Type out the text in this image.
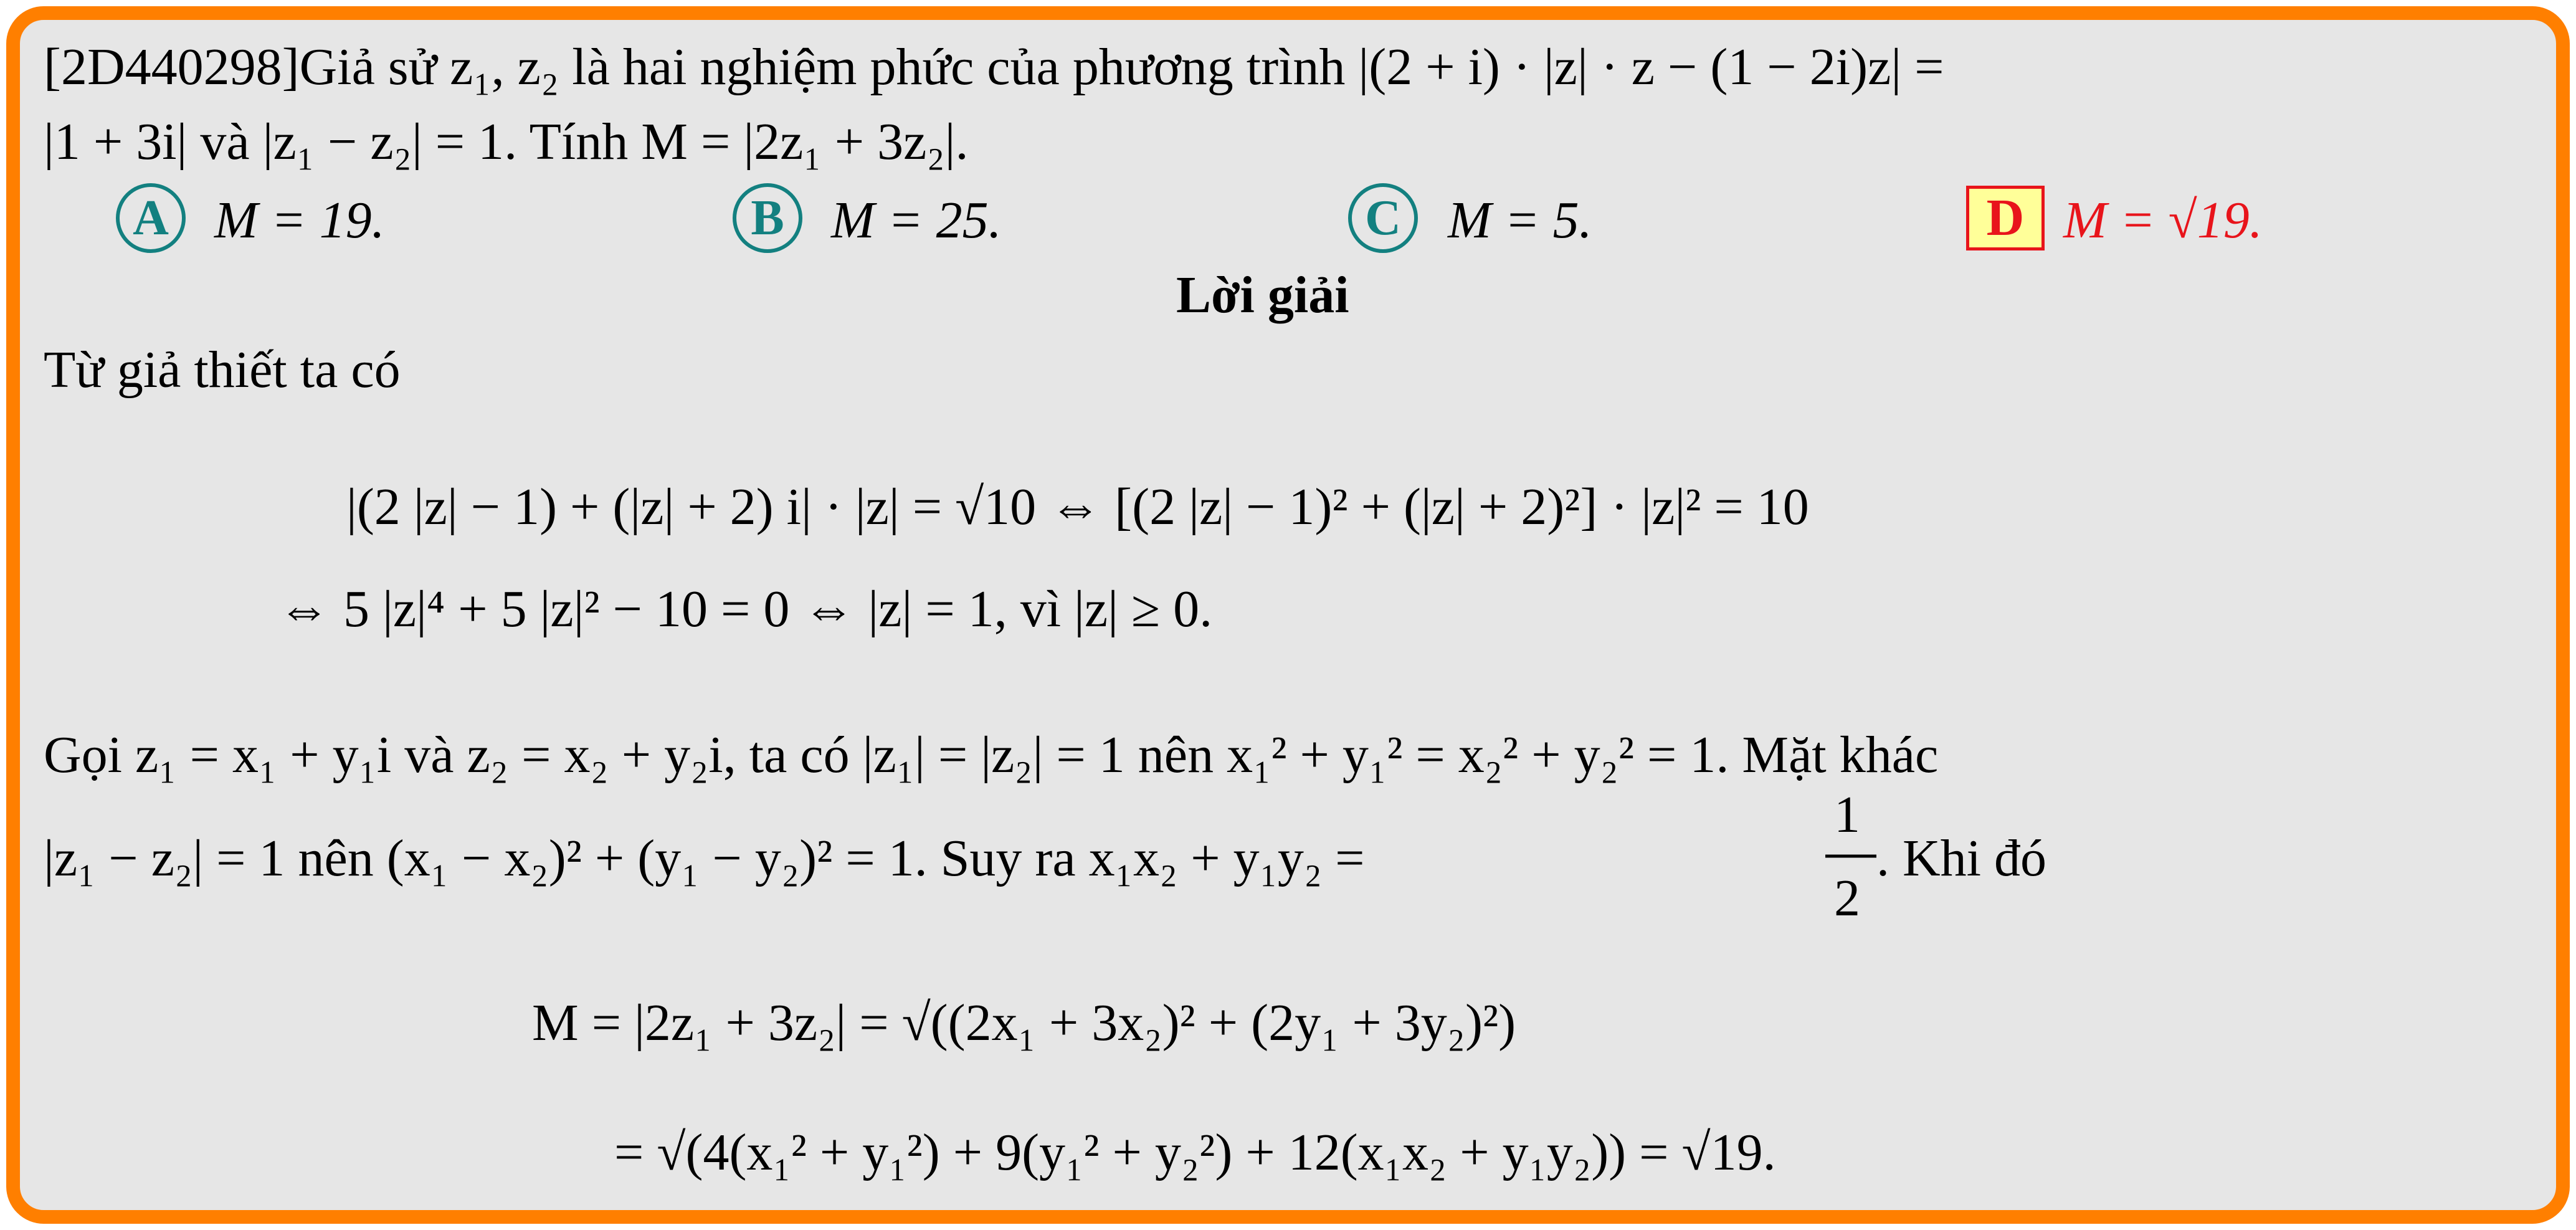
[2D440298]Giả sử z₁, z₂ là hai nghiệm phức của phương trình |(2 + i) · |z| · z − (1 − 2i)z| =
|1 + 3i| và |z₁ − z₂| = 1. Tính M = |2z₁ + 3z₂|.
A M = 19.	B M = 25.	C M = 5.	D M = √19.
Lời giải
Từ giả thiết ta có
|(2 |z| − 1) + (|z| + 2) i| · |z| = √10 ⇔ [(2 |z| − 1)² + (|z| + 2)²] · |z|² = 10
⇔ 5 |z|⁴ + 5 |z|² − 10 = 0 ⇔ |z| = 1, vì |z| ≥ 0.
Gọi z₁ = x₁ + y₁i và z₂ = x₂ + y₂i, ta có |z₁| = |z₂| = 1 nên x₁² + y₁² = x₂² + y₂² = 1. Mặt khác
|z₁ − z₂| = 1 nên (x₁ − x₂)² + (y₁ − y₂)² = 1. Suy ra x₁x₂ + y₁y₂ =
1
2
. Khi đó
M = |2z₁ + 3z₂| = √((2x₁ + 3x₂)² + (2y₁ + 3y₂)²)
= √(4(x₁² + y₁²) + 9(y₁² + y₂²) + 12(x₁x₂ + y₁y₂)) = √19.
